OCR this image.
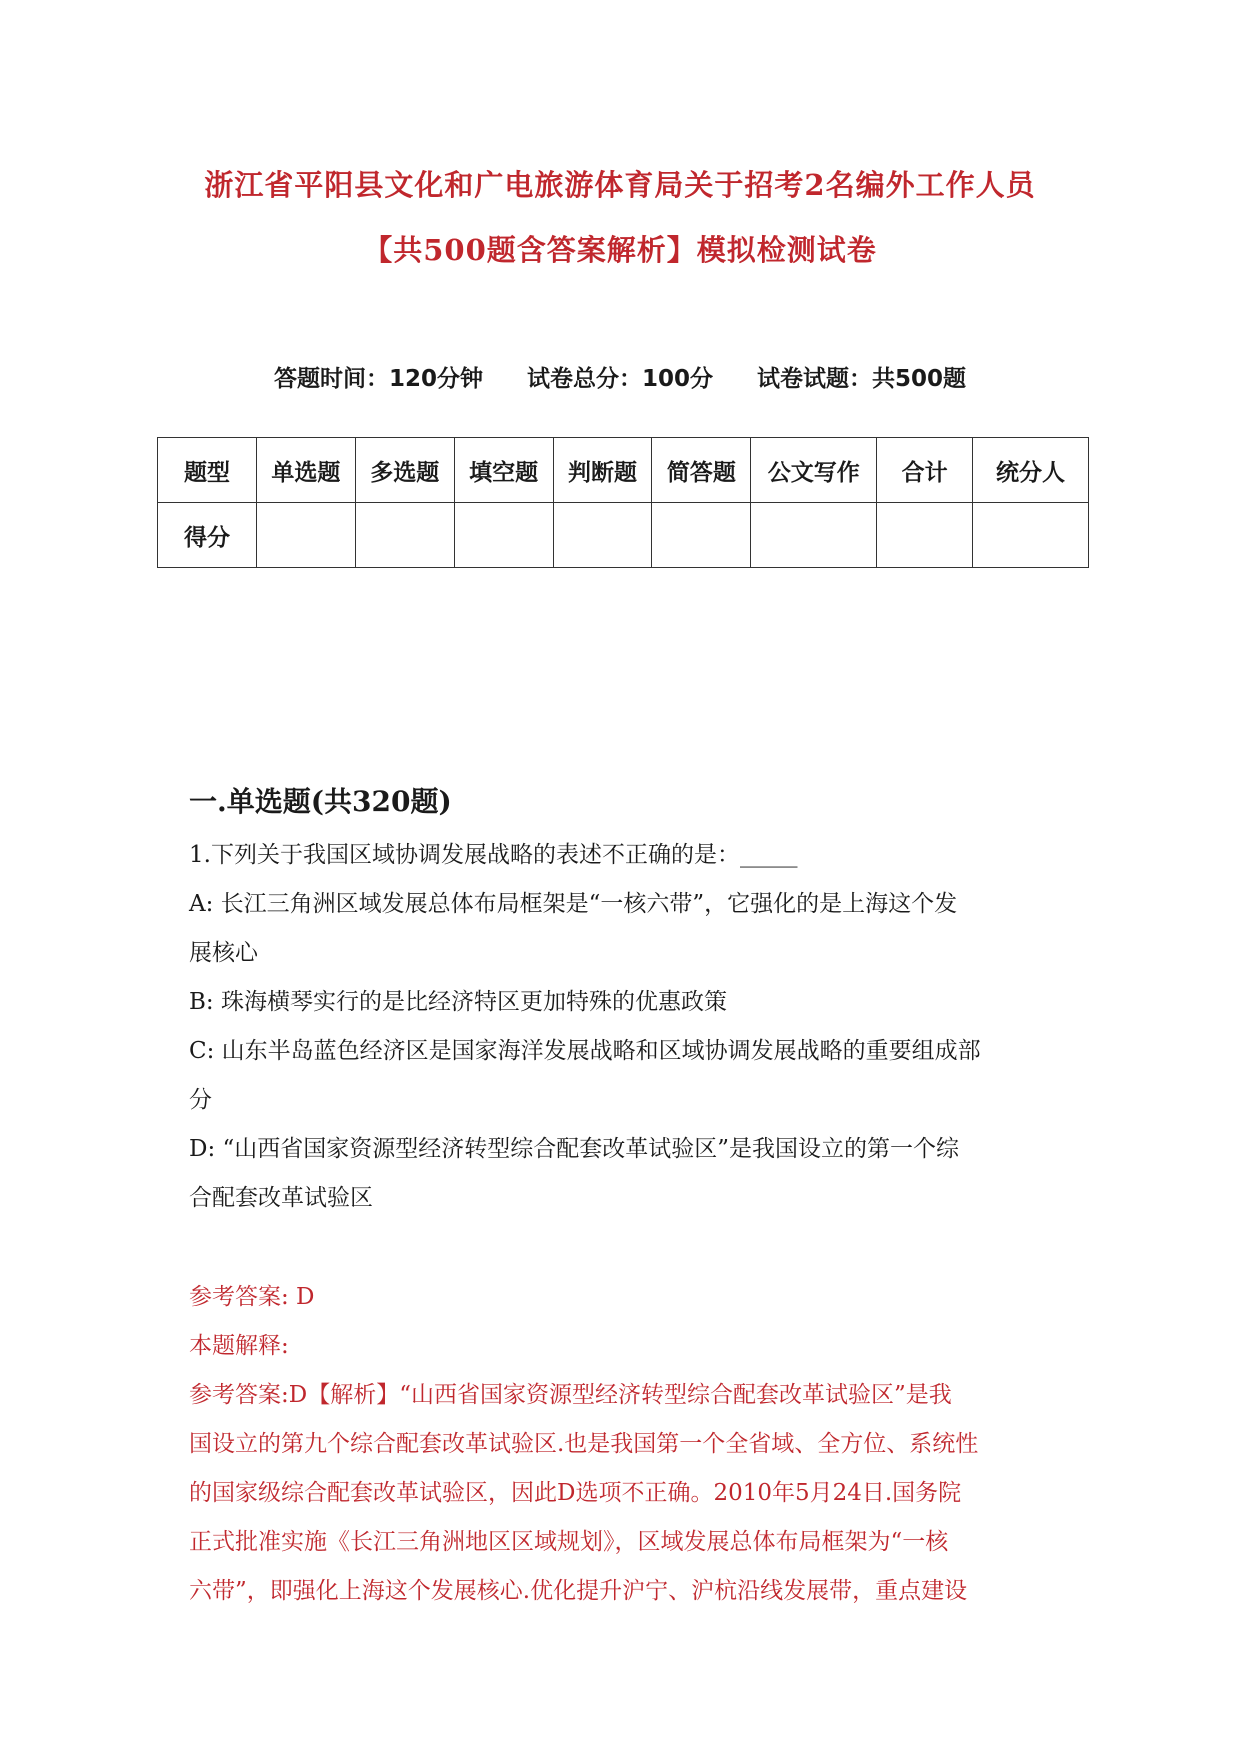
浙江省平阳县文化和广电旅游体育局关于招考2名编外工作人员
【共500题含答案解析】模拟检测试卷
答题时间：120分钟 试卷总分：100分 试卷试题：共500题
题型	单选题	多选题	填空题	判断题	简答题	公文写作	合计	统分人
得分								
一.单选题(共320题)
1.下列关于我国区域协调发展战略的表述不正确的是：_____
A: 长江三角洲区域发展总体布局框架是“一核六带”，它强化的是上海这个发
展核心
B: 珠海横琴实行的是比经济特区更加特殊的优惠政策
C: 山东半岛蓝色经济区是国家海洋发展战略和区域协调发展战略的重要组成部
分
D: “山西省国家资源型经济转型综合配套改革试验区”是我国设立的第一个综
合配套改革试验区
参考答案: D
本题解释:
参考答案:D【解析】“山西省国家资源型经济转型综合配套改革试验区”是我
国设立的第九个综合配套改革试验区.也是我国第一个全省域、全方位、系统性
的国家级综合配套改革试验区，因此D选项不正确。2010年5月24日.国务院
正式批准实施《长江三角洲地区区域规划》，区域发展总体布局框架为“一核
六带”，即强化上海这个发展核心.优化提升沪宁、沪杭沿线发展带，重点建设
